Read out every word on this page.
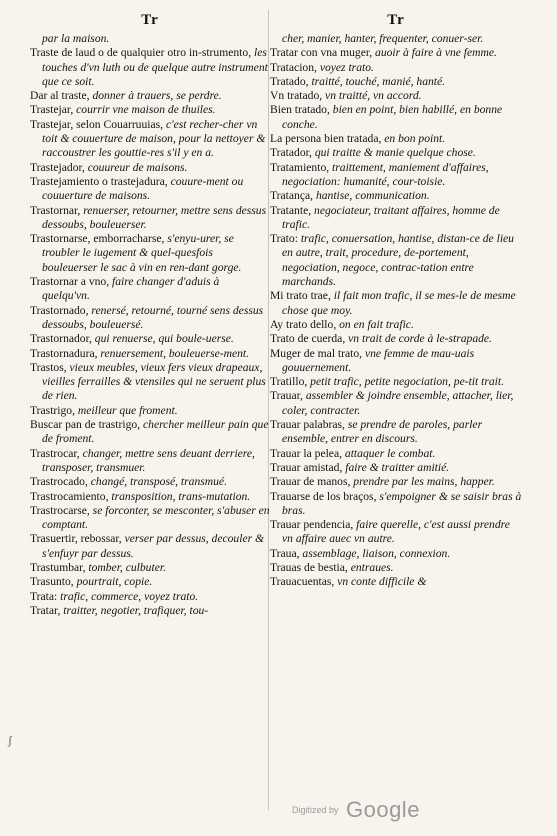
Tr

par la maison.

Traste de laud o de qualquier otro in-strumento, les touches d'vn luth ou de quelque autre instrument que ce soit.

Dar al traste, donner à trauers, se perdre.

Trastejar, courrir vne maison de thuiles.

Trastejar, selon Couarruuias, c'est recher-cher vn toit & couuerture de maison, pour la nettoyer & raccoustrer les gouttie-res s'il y en a.

Trastejador, couureur de maisons.

Trastejamiento o trastejadura, couure-ment ou couuerture de maisons.

Trastornar, renuerser, retourner, mettre sens dessus dessoubs, bouleuerser.

Trastornarse, emborracharse, s'enyu-urer, se troubler le iugement & quel-quesfois bouleuerser le sac à vin en ren-dant gorge.

Trastornar a vno, faire changer d'aduis à quelqu'vn.

Trastornado, renersé, retourné, tourné sens dessus dessoubs, bouleuersé.

Trastornador, qui renuerse, qui boule-uerse.

Trastornadura, renuersement, bouleuerse-ment.

Trastos, vieux meubles, vieux fers vieux drapeaux, vieilles ferrailles & vtensiles qui ne seruent plus de rien.

Trastrigo, meilleur que froment.

Buscar pan de trastrigo, chercher meilleur pain que de froment.

Trastrocar, changer, mettre sens deuant derriere, transposer, transmuer.

Trastrocado, changé, transposé, transmué.

Trastrocamiento, transposition, trans-mutation.

Trastrocarse, se forconter, se mesconter, s'abuser en comptant.

Trasuertir, rebossar, verser par dessus, decouler & s'enfuyr par dessus.

Trastumbar, tomber, culbuter.

Trasunto, pourtrait, copie.

Trata: trafic, commerce, voyez trato.

Tratar, traitter, negotier, trafiquer, tou-

Tr

cher, manier, hanter, frequenter, conuer-ser.

Tratar con vna muger, auoir à faire à vne femme.

Tratacion, voyez trato.

Tratado, traitté, touché, manié, hanté.

Vn tratado, vn traitté, vn accord.

Bien tratado, bien en point, bien habillé, en bonne conche.

La persona bien tratada, en bon point.

Tratador, qui traitte & manie quelque chose.

Tratamiento, traittement, maniement d'affaires, negociation: humanité, cour-toisie.

Tratança, hantise, communication.

Tratante, negociateur, traitant affaires, homme de trafic.

Trato: trafic, conuersation, hantise, distan-ce de lieu en autre, trait, procedure, de-portement, negociation, negoce, contrac-tation entre marchands.

Mi trato trae, il fait mon trafic, il se mes-le de mesme chose que moy.

Ay trato dello, on en fait trafic.

Trato de cuerda, vn trait de corde à le-strapade.

Muger de mal trato, vne femme de mau-uais gouuernement.

Tratillo, petit trafic, petite negociation, pe-tit trait.

Trauar, assembler & joindre ensemble, attacher, lier, coler, contracter.

Trauar palabras, se prendre de paroles, parler ensemble, entrer en discours.

Trauar la pelea, attaquer le combat.

Trauar amistad, faire & traitter amitié.

Trauar de manos, prendre par les mains, happer.

Trauarse de los braços, s'empoigner & se saisir bras à bras.

Trauar pendencia, faire querelle, c'est aussi prendre vn affaire auec vn autre.

Traua, assemblage, liaison, connexion.

Trauas de bestia, entraues.

Trauacuentas, vn conte difficile &

ʃ
$^{Digitized by}$ Google
